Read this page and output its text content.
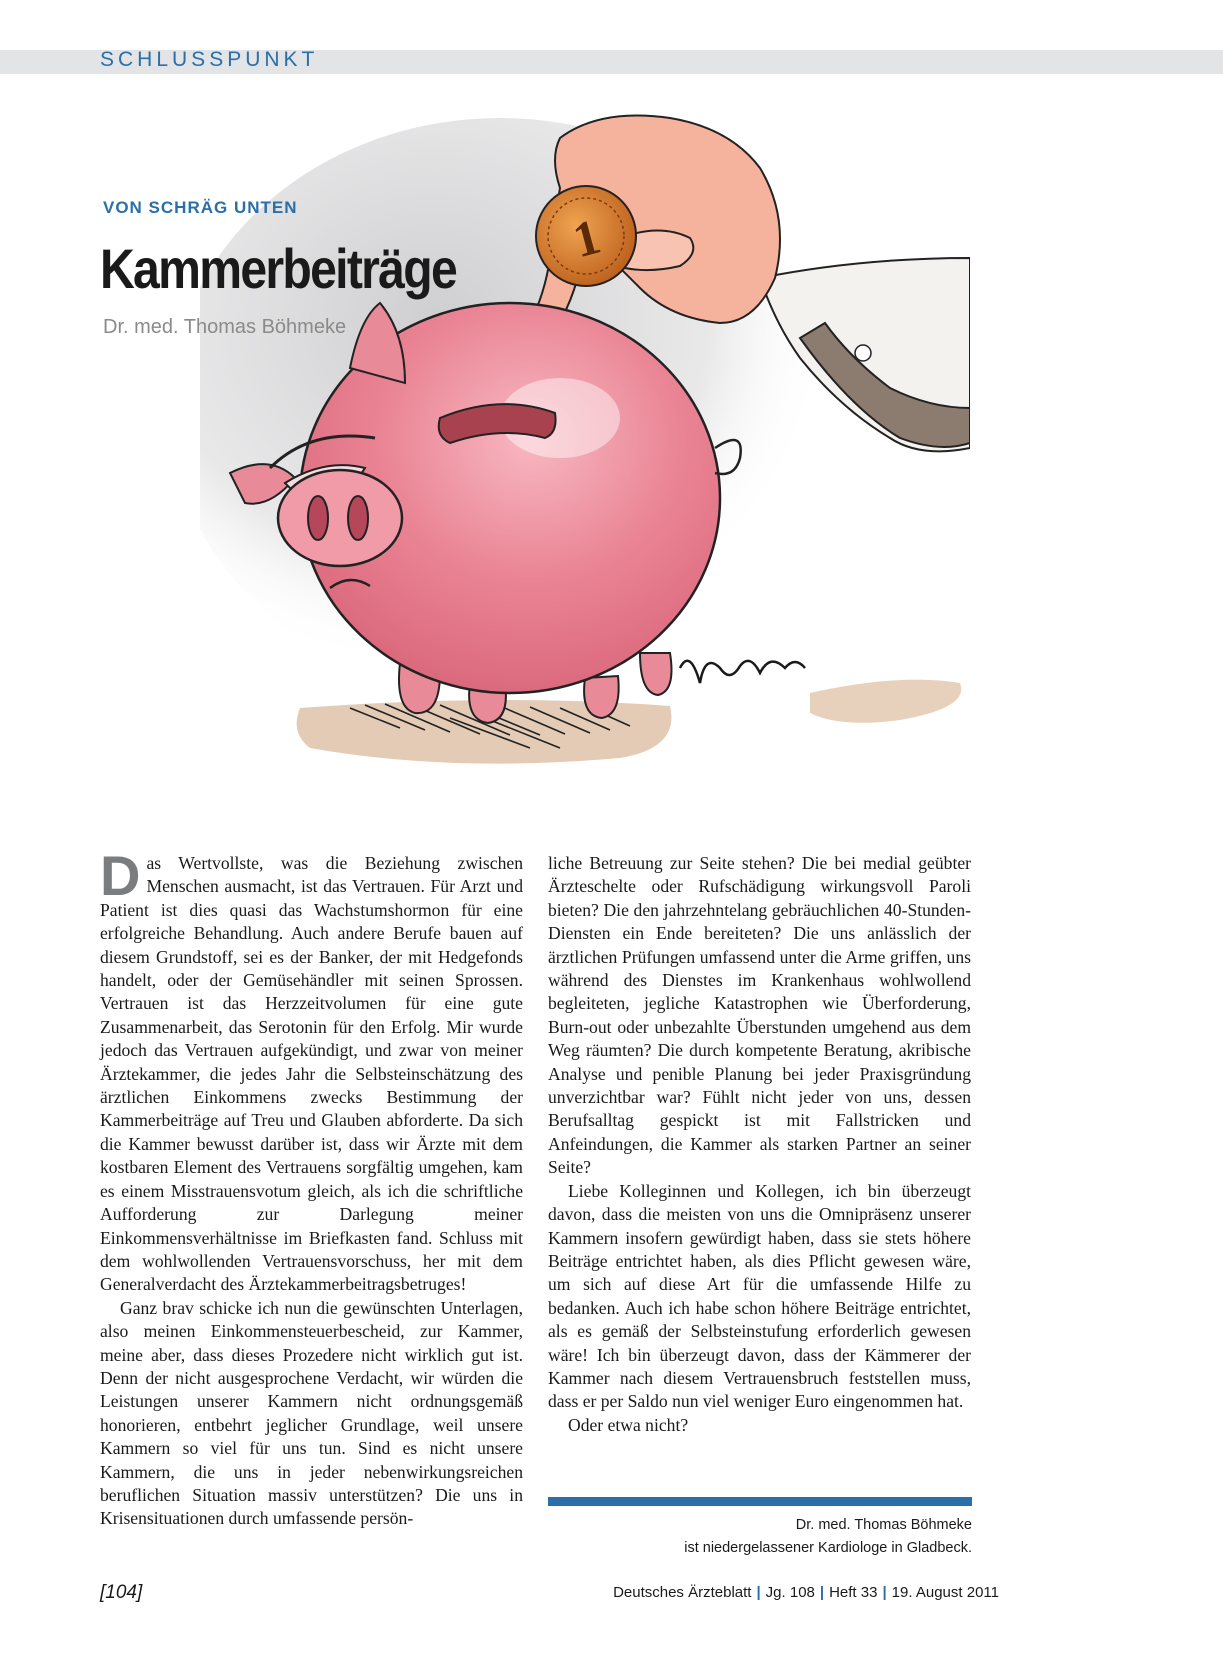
SCHLUSSPUNKT
1
VON SCHRÄG UNTEN
Kammerbeiträge
Dr. med. Thomas Böhmeke

Das Wertvollste, was die Beziehung zwischen Menschen ausmacht, ist das Vertrauen. Für Arzt und Patient ist dies quasi das Wachstumshormon für eine erfolgreiche Behandlung. Auch andere Berufe bauen auf diesem Grundstoff, sei es der Banker, der mit Hedgefonds handelt, oder der Gemüsehändler mit seinen Sprossen. Vertrauen ist das Herzzeitvolumen für eine gute Zusammenarbeit, das Serotonin für den Erfolg. Mir wurde jedoch das Vertrauen aufgekündigt, und zwar von meiner Ärztekammer, die jedes Jahr die Selbsteinschätzung des ärztlichen Einkommens zwecks Bestimmung der Kammerbeiträge auf Treu und Glauben abforderte. Da sich die Kammer bewusst darüber ist, dass wir Ärzte mit dem kostbaren Element des Vertrauens sorgfältig umgehen, kam es einem Misstrauensvotum gleich, als ich die schriftliche Aufforderung zur Darlegung meiner Einkommensverhältnisse im Briefkasten fand. Schluss mit dem wohlwollenden Vertrauensvorschuss, her mit dem Generalverdacht des Ärztekammerbeitragsbetruges!

Ganz brav schicke ich nun die gewünschten Unterlagen, also meinen Einkommensteuerbescheid, zur Kammer, meine aber, dass dieses Prozedere nicht wirklich gut ist. Denn der nicht ausgesprochene Verdacht, wir würden die Leistungen unserer Kammern nicht ordnungsgemäß honorieren, entbehrt jeglicher Grundlage, weil unsere Kammern so viel für uns tun. Sind es nicht unsere Kammern, die uns in jeder nebenwirkungsreichen beruflichen Situation massiv unterstützen? Die uns in Krisensituationen durch umfassende persön-

liche Betreuung zur Seite stehen? Die bei medial geübter Ärzteschelte oder Rufschädigung wirkungsvoll Paroli bieten? Die den jahrzehntelang gebräuchlichen 40-Stunden-Diensten ein Ende bereiteten? Die uns anlässlich der ärztlichen Prüfungen umfassend unter die Arme griffen, uns während des Dienstes im Krankenhaus wohlwollend begleiteten, jegliche Katastrophen wie Überforderung, Burn-out oder unbezahlte Überstunden umgehend aus dem Weg räumten? Die durch kompetente Beratung, akribische Analyse und penible Planung bei jeder Praxisgründung unverzichtbar war? Fühlt nicht jeder von uns, dessen Berufsalltag gespickt ist mit Fallstricken und Anfeindungen, die Kammer als starken Partner an seiner Seite?

Liebe Kolleginnen und Kollegen, ich bin überzeugt davon, dass die meisten von uns die Omnipräsenz unserer Kammern insofern gewürdigt haben, dass sie stets höhere Beiträge entrichtet haben, als dies Pflicht gewesen wäre, um sich auf diese Art für die umfassende Hilfe zu bedanken. Auch ich habe schon höhere Beiträge entrichtet, als es gemäß der Selbsteinstufung erforderlich gewesen wäre! Ich bin überzeugt davon, dass der Kämmerer der Kammer nach diesem Vertrauensbruch feststellen muss, dass er per Saldo nun viel weniger Euro eingenommen hat.

Oder etwa nicht?

Dr. med. Thomas Böhmeke
ist niedergelassener Kardiologe in Gladbeck.
[104]	Deutsches Ärzteblatt | Jg. 108 | Heft 33 | 19. August 2011
